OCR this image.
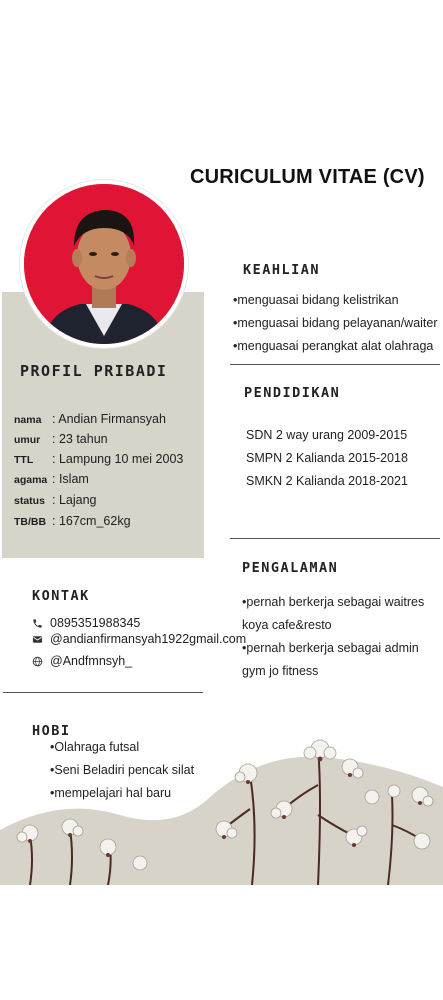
CURICULUM VITAE (CV)
PROFIL PRIBADI
nama : Andian Firmansyah
umur : 23 tahun
TTL : Lampung 10 mei 2003
agama : Islam
status : Lajang
TB/BB : 167cm_62kg
KEAHLIAN
•menguasai bidang kelistrikan
•menguasai bidang pelayanan/waiter
•menguasai perangkat alat olahraga
PENDIDIKAN
SDN 2 way urang 2009-2015
SMPN 2 Kalianda 2015-2018
SMKN 2 Kalianda 2018-2021
PENGALAMAN
•pernah berkerja sebagai waitres
koya cafe&resto
•pernah berkerja sebagai admin
gym jo fitness
KONTAK
0895351988345
@andianfirmansyah1922gmail.com
@Andfmnsyh_
HOBI
•Olahraga futsal
•Seni Beladiri pencak silat
•mempelajari hal baru
